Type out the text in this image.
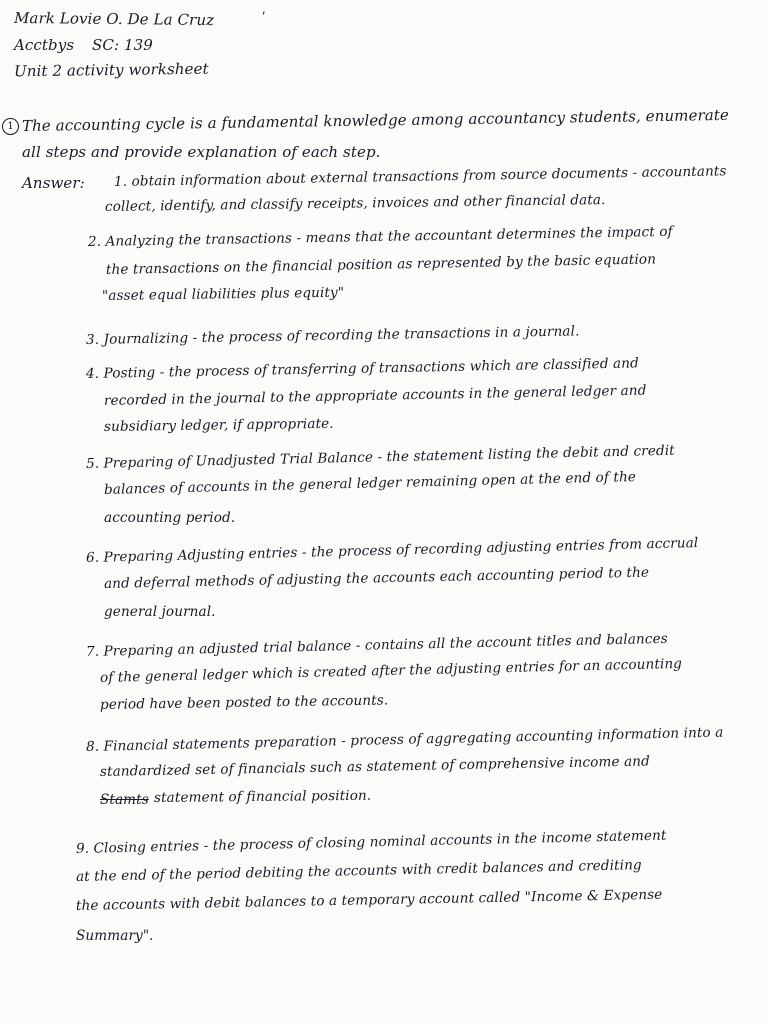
Mark Lovie O. De La Cruz	ˈ
Acctbys SC: 139
Unit 2 activity worksheet
1 The accounting cycle is a fundamental knowledge among accountancy students, enumerate
all steps and provide explanation of each step.
Answer: 1. obtain information about external transactions from source documents - accountants
collect, identify, and classify receipts, invoices and other financial data.
2. Analyzing the transactions - means that the accountant determines the impact of
the transactions on the financial position as represented by the basic equation
"asset equal liabilities plus equity"
3. Journalizing - the process of recording the transactions in a journal.
4. Posting - the process of transferring of transactions which are classified and
recorded in the journal to the appropriate accounts in the general ledger and
subsidiary ledger, if appropriate.
5. Preparing of Unadjusted Trial Balance - the statement listing the debit and credit
balances of accounts in the general ledger remaining open at the end of the
accounting period.
6. Preparing Adjusting entries - the process of recording adjusting entries from accrual
and deferral methods of adjusting the accounts each accounting period to the
general journal.
7. Preparing an adjusted trial balance - contains all the account titles and balances
of the general ledger which is created after the adjusting entries for an accounting
period have been posted to the accounts.
8. Financial statements preparation - process of aggregating accounting information into a
standardized set of financials such as statement of comprehensive income and
Stamts statement of financial position.
9. Closing entries - the process of closing nominal accounts in the income statement
at the end of the period debiting the accounts with credit balances and crediting
the accounts with debit balances to a temporary account called "Income & Expense
Summary".
